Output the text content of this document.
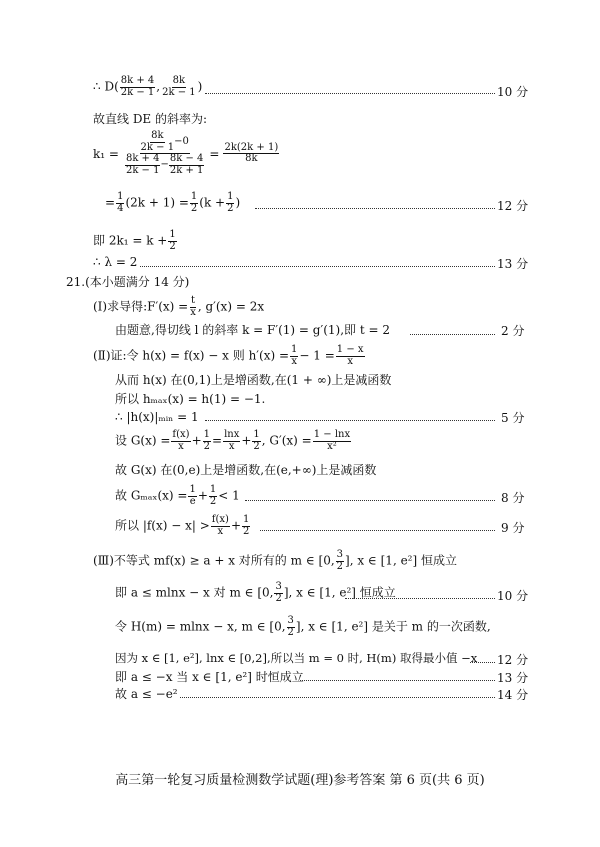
∴ $D( \frac{8k + 4}{2k - 1}$ , $\frac{8k}{2k - 1}$ )	10 分
故直线 DE 的斜率为:
$k_1 = \frac{\frac{8k}{2k - 1} -0}{\frac{8k + 4}{2k - 1} - \frac{8k - 4}{2k + 1}} = \frac{2k(2k + 1)}{8k}$
= $\frac{1}{4} (2k + 1) = \frac{1}{2} (k + \frac{1}{2}$ )	12 分
即 $2k_1 = k + \frac{1}{2}$
∴ λ = 2	13 分
21.(本小题满分 14 分)
(Ⅰ)求导得:F′(x) = $\frac{t}{x}$ , g′(x) = 2x
由题意,得切线 l 的斜率 k = F′(1) = g′(1),即 t = 2	2 分
(Ⅱ)证:令 h(x) = f(x) − x 则 $h'(x) = \frac{1}{x} - 1 = \frac{1 - x}{x}$
从而 h(x) 在(0,1)上是增函数,在(1 + ∞)上是减函数
所以 hₘₐₓ(x) = h(1) = −1.
∴ |h(x)|ₘᵢₙ = 1	5 分
设 $G(x) = \frac{f(x)}{x} + \frac{1}{2} = \frac{\ln x}{x} + \frac{1}{2}$ , $G'(x) = \frac{1 - \ln x}{\text{x²}}$
故 G(x) 在(0,e)上是增函数,在(e,+∞)上是减函数
故 $G_{max}(x) = \frac{1}{e} + \frac{1}{2} < 1$	8 分
所以 $|f(x) - x| > \frac{f(x)}{x} + \frac{1}{2}$	9 分
(Ⅲ)不等式 mf(x) ≥ a + x 对所有的 m ∈ [0, $\frac{3}{2}$ ], x ∈ [1, e²] 恒成立
即 a ≤ mlnx − x 对 m ∈ [0, $\frac{3}{2}$ ], x ∈ [1, e²] 恒成立	10 分
令 H(m) = mlnx − x, m ∈ [0, $\frac{3}{2}$ ], x ∈ [1, e²] 是关于 m 的一次函数,
因为 x ∈ [1, e²], lnx ∈ [0,2],所以当 m = 0 时, H(m) 取得最小值 −x 12 分
即 a ≤ −x 当 x ∈ [1, e²] 时恒成立	13 分
故 a ≤ −e²	14 分
高三第一轮复习质量检测数学试题(理)参考答案 第 6 页(共 6 页)
